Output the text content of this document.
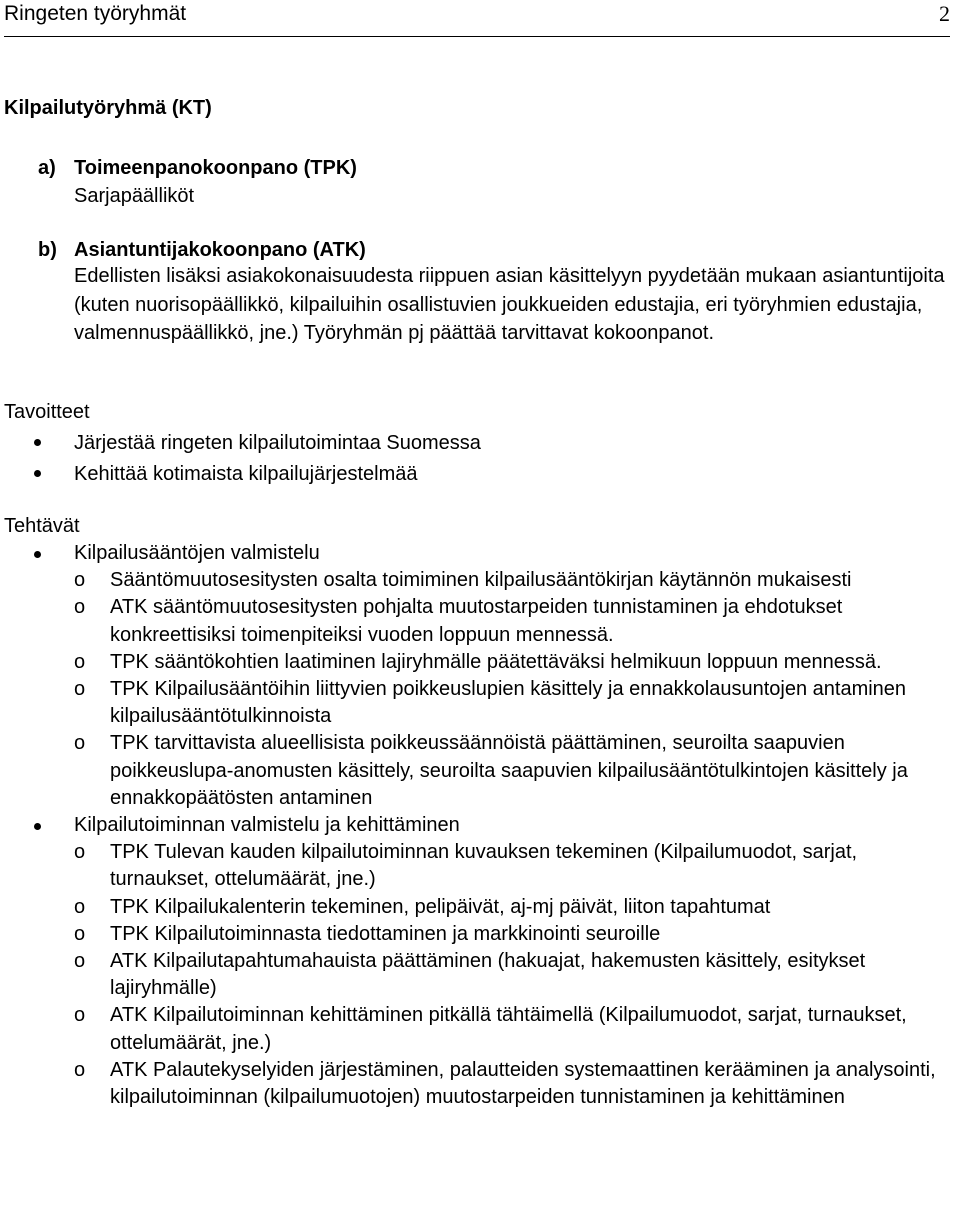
Ringeten työryhmät	2
Kilpailutyöryhmä (KT)
a) Toimeenpanokoonpano (TPK)
Sarjapäälliköt
b) Asiantuntijakokoonpano (ATK)
Edellisten lisäksi asiakokonaisuudesta riippuen asian käsittelyyn pyydetään mukaan asiantuntijoita (kuten nuorisopäällikkö, kilpailuihin osallistuvien joukkueiden edustajia, eri työryhmien edustajia, valmennuspäällikkö, jne.) Työryhmän pj päättää tarvittavat kokoonpanot.
Tavoitteet
Järjestää ringeten kilpailutoimintaa Suomessa
Kehittää kotimaista kilpailujärjestelmää
Tehtävät
Kilpailusääntöjen valmistelu
o Sääntömuutosesitysten osalta toimiminen kilpailusääntökirjan käytännön mukaisesti
o ATK sääntömuutosesitysten pohjalta muutostarpeiden tunnistaminen ja ehdotukset konkreettisiksi toimenpiteiksi vuoden loppuun mennessä.
o TPK sääntökohtien laatiminen lajiryhmälle päätettäväksi helmikuun loppuun mennessä.
o TPK Kilpailusääntöihin liittyvien poikkeuslupien käsittely ja ennakkolausuntojen antaminen kilpailusääntötulkinnoista
o TPK tarvittavista alueellisista poikkeussäännöistä päättäminen, seuroilta saapuvien poikkeuslupa-anomusten käsittely, seuroilta saapuvien kilpailusääntötulkintojen käsittely ja ennakkopäätösten antaminen
Kilpailutoiminnan valmistelu ja kehittäminen
o TPK Tulevan kauden kilpailutoiminnan kuvauksen tekeminen (Kilpailumuodot, sarjat, turnaukset, ottelumäärät, jne.)
o TPK Kilpailukalenterin tekeminen, pelipäivät, aj-mj päivät, liiton tapahtumat
o TPK Kilpailutoiminnasta tiedottaminen ja markkinointi seuroille
o ATK Kilpailutapahtumahauista päättäminen (hakuajat, hakemusten käsittely, esitykset lajiryhmälle)
o ATK Kilpailutoiminnan kehittäminen pitkällä tähtäimellä (Kilpailumuodot, sarjat, turnaukset, ottelumäärät, jne.)
o ATK Palautekyselyiden järjestäminen, palautteiden systemaattinen kerääminen ja analysointi, kilpailutoiminnan (kilpailumuotojen) muutostarpeiden tunnistaminen ja kehittäminen
